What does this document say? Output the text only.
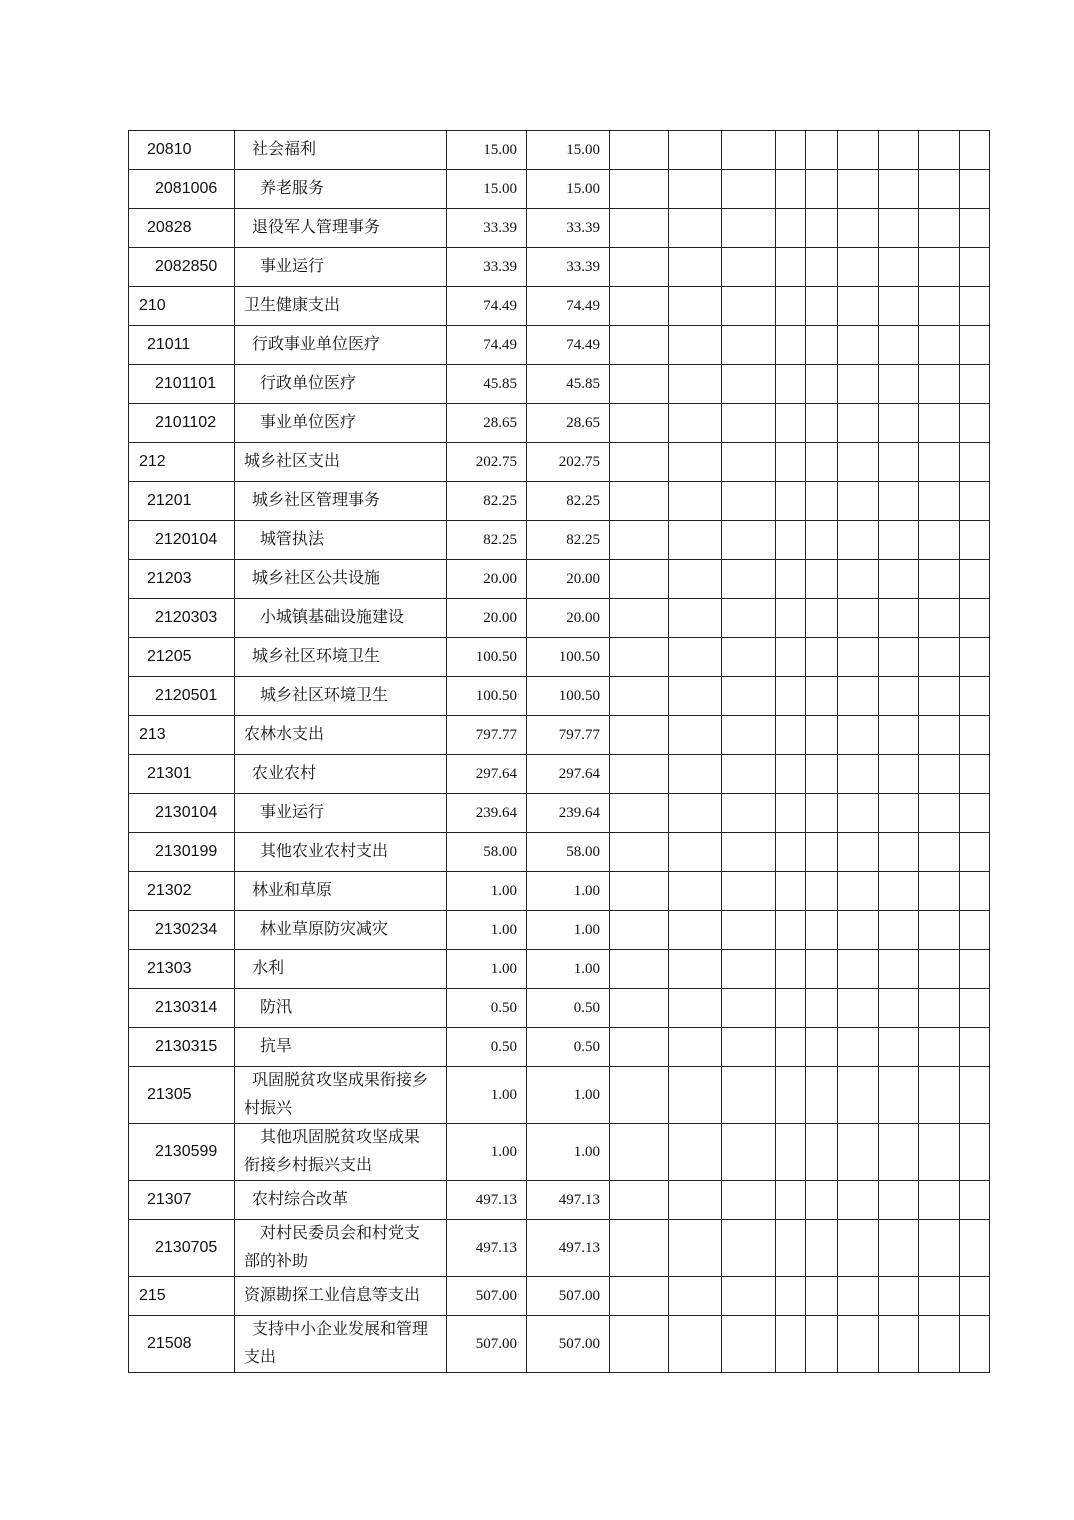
20810	社会福利	15.00	15.00									
2081006	养老服务	15.00	15.00									
20828	退役军人管理事务	33.39	33.39									
2082850	事业运行	33.39	33.39									
210	卫生健康支出	74.49	74.49									
21011	行政事业单位医疗	74.49	74.49									
2101101	行政单位医疗	45.85	45.85									
2101102	事业单位医疗	28.65	28.65									
212	城乡社区支出	202.75	202.75									
21201	城乡社区管理事务	82.25	82.25									
2120104	城管执法	82.25	82.25									
21203	城乡社区公共设施	20.00	20.00									
2120303	小城镇基础设施建设	20.00	20.00									
21205	城乡社区环境卫生	100.50	100.50									
2120501	城乡社区环境卫生	100.50	100.50									
213	农林水支出	797.77	797.77									
21301	农业农村	297.64	297.64									
2130104	事业运行	239.64	239.64									
2130199	其他农业农村支出	58.00	58.00									
21302	林业和草原	1.00	1.00									
2130234	林业草原防灾减灾	1.00	1.00									
21303	水利	1.00	1.00									
2130314	防汛	0.50	0.50									
2130315	抗旱	0.50	0.50									
21305	巩固脱贫攻坚成果衔接乡
村振兴	1.00	1.00									
2130599	其他巩固脱贫攻坚成果
衔接乡村振兴支出	1.00	1.00									
21307	农村综合改革	497.13	497.13									
2130705	对村民委员会和村党支
部的补助	497.13	497.13									
215	资源勘探工业信息等支出	507.00	507.00									
21508	支持中小企业发展和管理
支出	507.00	507.00									
